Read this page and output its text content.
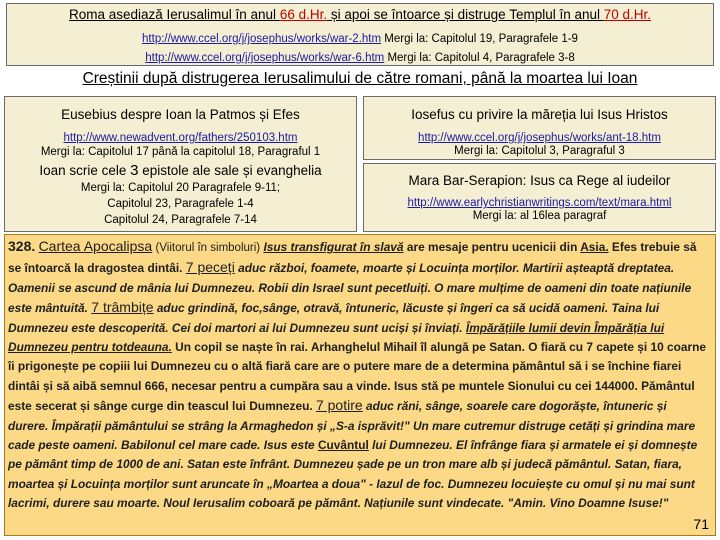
Roma asediază Ierusalimul în anul 66 d.Hr. și apoi se întoarce și distruge Templul în anul 70 d.Hr.
http://www.ccel.org/j/josephus/works/war-2.htm Mergi la: Capitolul 19, Paragrafele 1-9
http://www.ccel.org/j/josephus/works/war-6.htm Mergi la: Capitolul 4, Paragrafele 3-8
Creștinii după distrugerea Ierusalimului de către romani, până la moartea lui Ioan
Eusebius despre Ioan la Patmos și Efes
http://www.newadvent.org/fathers/250103.htm
Mergi la: Capitolul 17 până la capitolul 18, Paragraful 1
Ioan scrie cele 3 epistole ale sale și evanghelia
Mergi la: Capitolul 20 Paragrafele 9-11;
Capitolul 23, Paragrafele 1-4
Capitolul 24, Paragrafele 7-14
Iosefus cu privire la măreția lui Isus Hristos
http://www.ccel.org/j/josephus/works/ant-18.htm
Mergi la: Capitolul 3, Paragraful 3
Mara Bar-Serapion: Isus ca Rege al iudeilor
http://www.earlychristianwritings.com/text/mara.html
Mergi la: al 16lea paragraf
328. Cartea Apocalipsa (Viitorul în simboluri) Isus transfigurat în slavă are mesaje pentru ucenicii din Asia. Efes trebuie să se întoarcă la dragostea dintâi. 7 peceți aduc război, foamete, moarte și Locuința morților. Martirii așteaptă dreptatea. Oamenii se ascund de mânia lui Dumnezeu. Robii din Israel sunt pecetluiți. O mare mulțime de oameni din toate națiunile este mântuită. 7 trâmbițe aduc grindină, foc,sânge, otravă, întuneric, lăcuste și îngeri ca să ucidă oameni. Taina lui Dumnezeu este descoperită. Cei doi martori ai lui Dumnezeu sunt uciși și înviați. Împărățiile lumii devin Împărăția lui Dumnezeu pentru totdeauna. Un copil se naște în rai. Arhanghelul Mihail îl alungă pe Satan. O fiară cu 7 capete și 10 coarne îi prigonește pe copiii lui Dumnezeu cu o altă fiară care are o putere mare de a determina pământul să i se închine fiarei dintâi și să aibă semnul 666, necesar pentru a cumpăra sau a vinde. Isus stă pe muntele Sionului cu cei 144000. Pământul este secerat și sânge curge din teascul lui Dumnezeu. 7 potire aduc răni, sânge, soarele care dogorăște, întuneric și durere. Împărații pământului se strâng la Armaghedon și „S-a isprăvit!" Un mare cutremur distruge cetăți și grindina mare cade peste oameni. Babilonul cel mare cade. Isus este Cuvântul lui Dumnezeu. El înfrânge fiara și armatele ei și domnește pe pământ timp de 1000 de ani. Satan este înfrânt. Dumnezeu șade pe un tron mare alb și judecă pământul. Satan, fiara, moartea și Locuința morților sunt aruncate în „Moartea a doua" - Iazul de foc. Dumnezeu locuiește cu omul și nu mai sunt lacrimi, durere sau moarte. Noul Ierusalim coboară pe pământ. Națiunile sunt vindecate. "Amin. Vino Doamne Isuse!"
71
